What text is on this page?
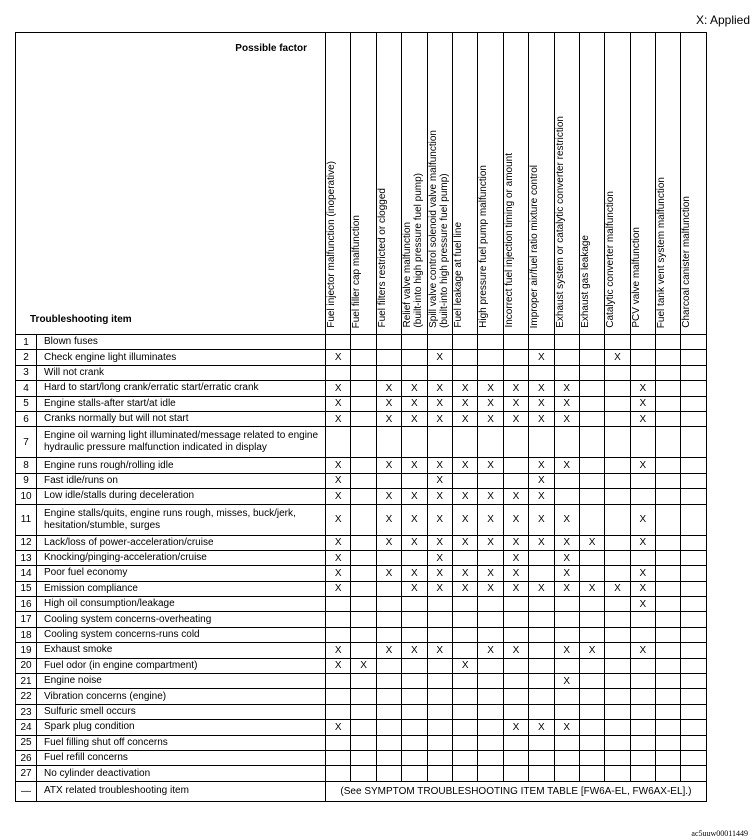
X: Applied
Possible factor
Troubleshooting item		Fuel injector malfunction (inoperative)	Fuel filler cap malfunction	Fuel filters restricted or clogged	Relief valve malfunction
(built-into high pressure fuel pump)	Spill valve control solenoid valve malfunction
(built-into high pressure fuel pump)	Fuel leakage at fuel line	High pressure fuel pump malfunction	Incorrect fuel injection timing or amount	Improper air/fuel ratio mixture control	Exhaust system or catalytic converter restriction	Exhaust gas leakage	Catalytic converter malfunction	PCV valve malfunction	Fuel tank vent system malfunction	Charcoal canister malfunction

1	Blown fuses															
2	Check engine light illuminates	X				X				X			X			
3	Will not crank															
4	Hard to start/long crank/erratic start/erratic crank	X		X	X	X	X	X	X	X	X			X		
5	Engine stalls-after start/at idle	X		X	X	X	X	X	X	X	X			X		
6	Cranks normally but will not start	X		X	X	X	X	X	X	X	X			X		
7	Engine oil warning light illuminated/message related to engine hydraulic pressure malfunction indicated in display															
8	Engine runs rough/rolling idle	X		X	X	X	X	X		X	X			X		
9	Fast idle/runs on	X				X				X						
10	Low idle/stalls during deceleration	X		X	X	X	X	X	X	X						
11	Engine stalls/quits, engine runs rough, misses, buck/jerk, hesitation/stumble, surges	X		X	X	X	X	X	X	X	X			X		
12	Lack/loss of power-acceleration/cruise	X		X	X	X	X	X	X	X	X	X		X		
13	Knocking/pinging-acceleration/cruise	X				X			X		X					
14	Poor fuel economy	X		X	X	X	X	X	X		X			X		
15	Emission compliance	X			X	X	X	X	X	X	X	X	X	X		
16	High oil consumption/leakage													X		
17	Cooling system concerns-overheating															
18	Cooling system concerns-runs cold															
19	Exhaust smoke	X		X	X	X		X	X		X	X		X		
20	Fuel odor (in engine compartment)	X	X				X									
21	Engine noise										X					
22	Vibration concerns (engine)															
23	Sulfuric smell occurs															
24	Spark plug condition	X							X	X	X					
25	Fuel filling shut off concerns															
26	Fuel refill concerns															
27	No cylinder deactivation															
—	ATX related troubleshooting item	(See SYMPTOM TROUBLESHOOTING ITEM TABLE [FW6A-EL, FW6AX-EL].)														
ac5uuw00011449
